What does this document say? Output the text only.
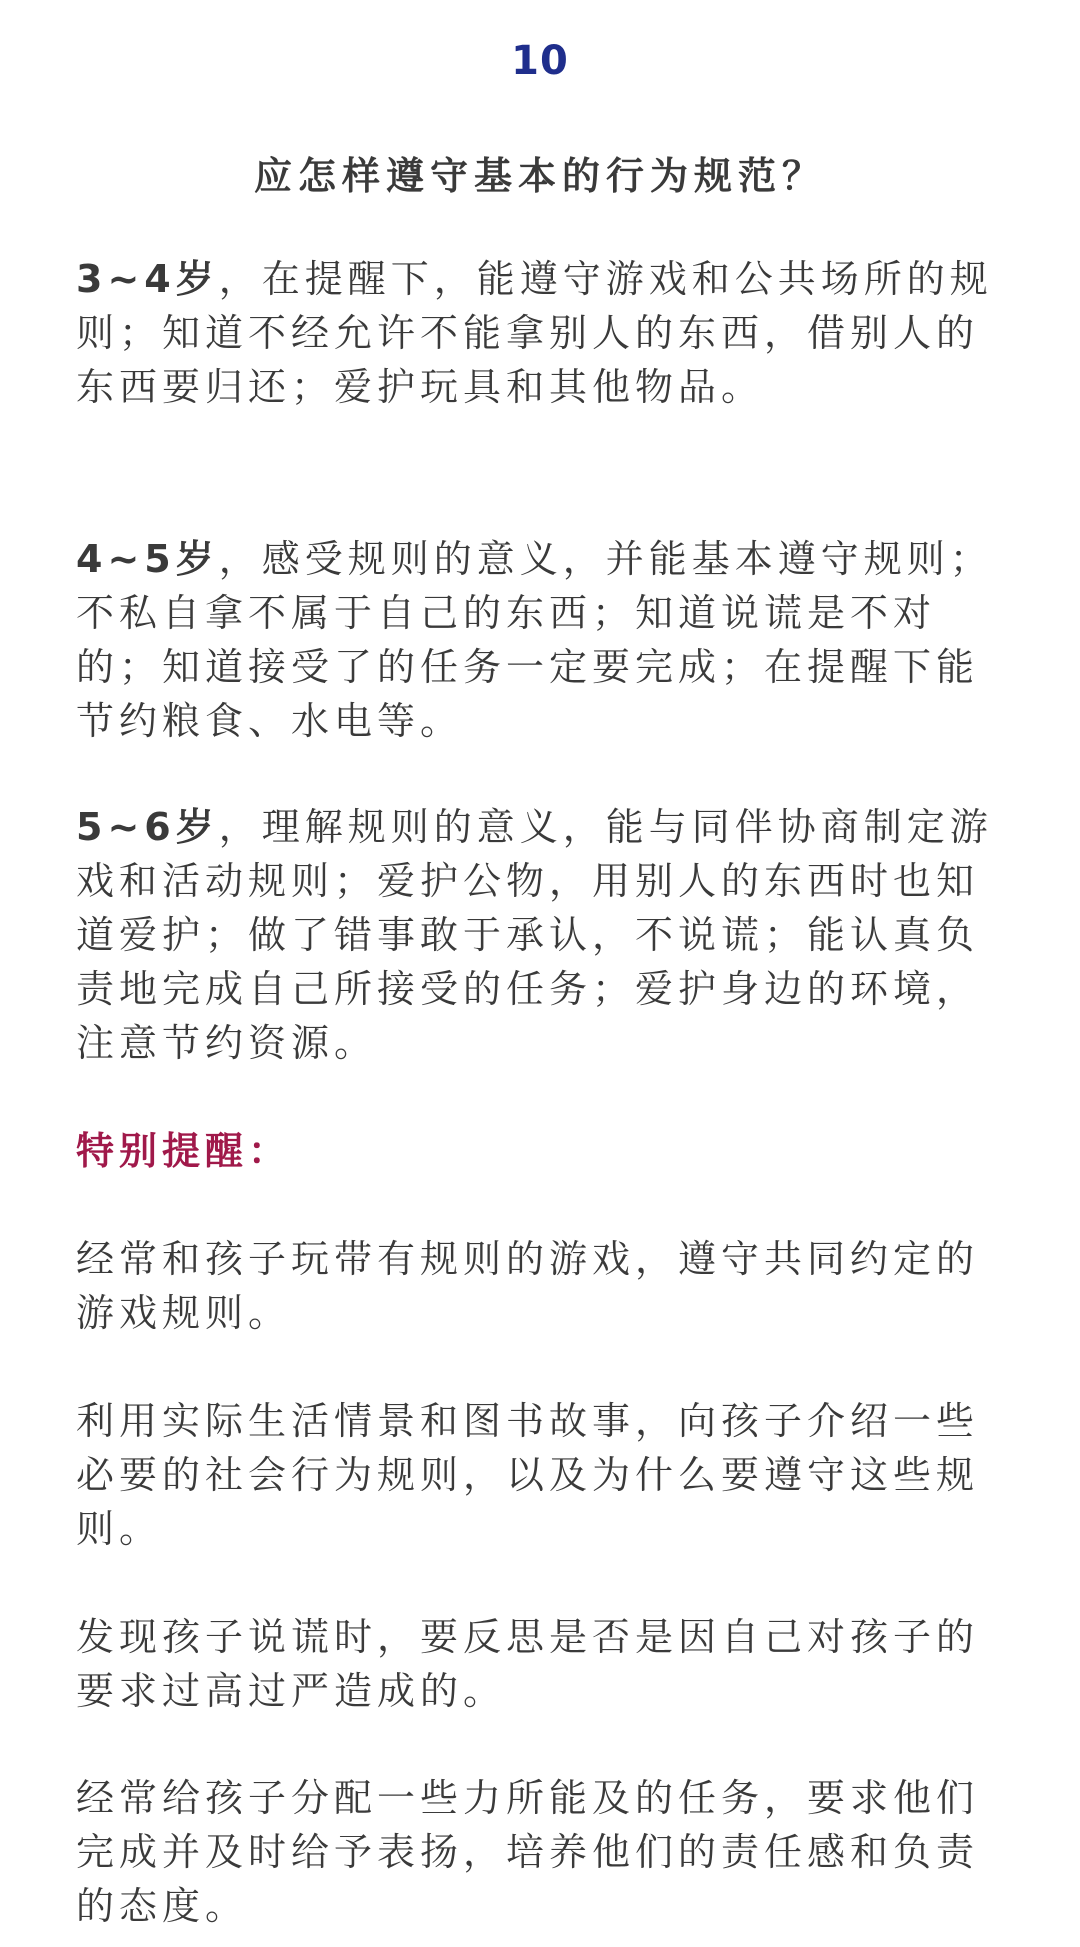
10
应怎样遵守基本的行为规范？

3~4岁，在提醒下，能遵守游戏和公共场所的规则；知道不经允许不能拿别人的东西，借别人的东西要归还；爱护玩具和其他物品。

4~5岁，感受规则的意义，并能基本遵守规则；不私自拿不属于自己的东西；知道说谎是不对的；知道接受了的任务一定要完成；在提醒下能节约粮食、水电等。

5~6岁，理解规则的意义，能与同伴协商制定游戏和活动规则；爱护公物，用别人的东西时也知道爱护；做了错事敢于承认，不说谎；能认真负责地完成自己所接受的任务；爱护身边的环境，注意节约资源。

特别提醒：

经常和孩子玩带有规则的游戏，遵守共同约定的游戏规则。

利用实际生活情景和图书故事，向孩子介绍一些必要的社会行为规则，以及为什么要遵守这些规则。

发现孩子说谎时，要反思是否是因自己对孩子的要求过高过严造成的。

经常给孩子分配一些力所能及的任务，要求他们完成并及时给予表扬，培养他们的责任感和负责的态度。
